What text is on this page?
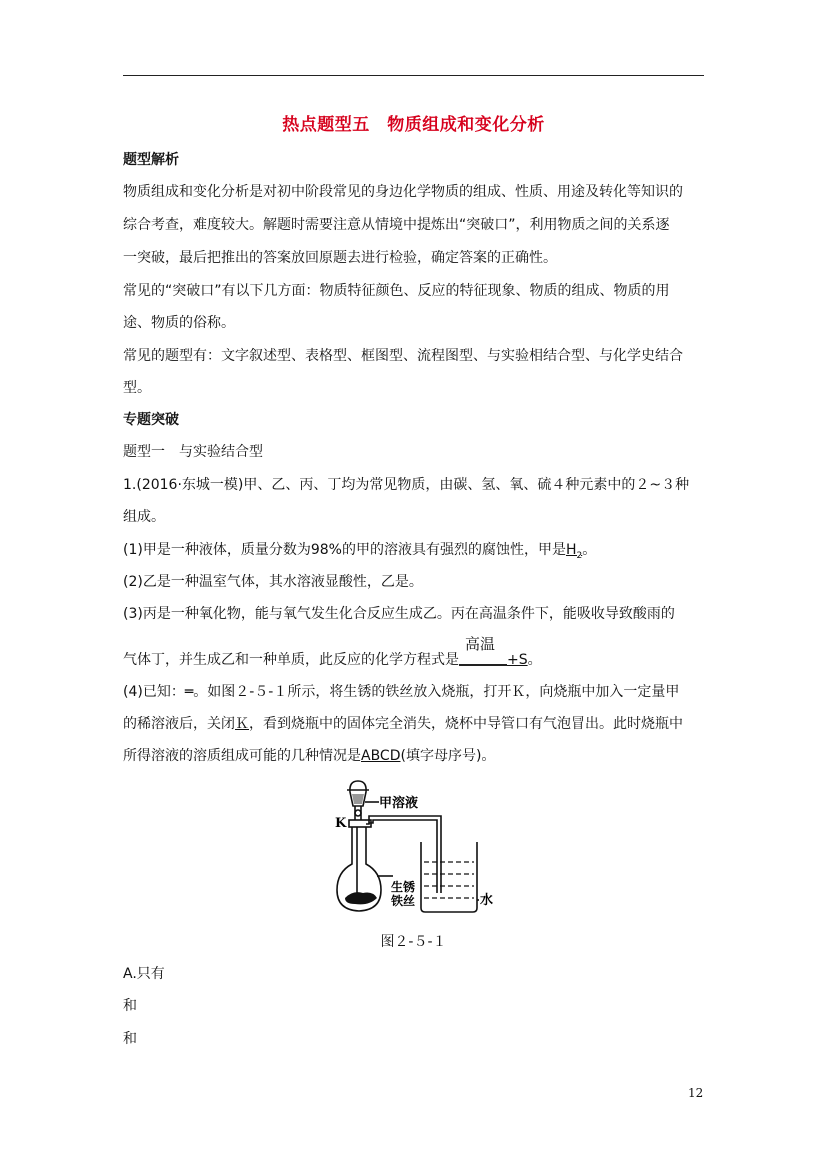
热点题型五　物质组成和变化分析
题型解析
物质组成和变化分析是对初中阶段常见的身边化学物质的组成、性质、用途及转化等知识的
综合考查，难度较大。解题时需要注意从情境中提炼出“突破口”，利用物质之间的关系逐
一突破，最后把推出的答案放回原题去进行检验，确定答案的正确性。
常见的“突破口”有以下几方面：物质特征颜色、反应的特征现象、物质的组成、物质的用
途、物质的俗称。
常见的题型有：文字叙述型、表格型、框图型、流程图型、与实验相结合型、与化学史结合
型。
专题突破
题型一　与实验结合型
1.(2016·东城一模)甲、乙、丙、丁均为常见物质，由碳、氢、氧、硫４种元素中的２~３种
组成。
(1)甲是一种液体，质量分数为98%的甲的溶液具有强烈的腐蚀性，甲是$H_2$。
(2)乙是一种温室气体，其水溶液显酸性，乙是。
(3)丙是一种氧化物，能与氧气发生化合反应生成乙。丙在高温条件下，能吸收导致酸雨的
气体丁，并生成乙和一种单质，此反应的化学方程式是
高温
+S。
(4)已知：═。如图２-５-１所示，将生锈的铁丝放入烧瓶，打开Ｋ，向烧瓶中加入一定量甲
的稀溶液后，关闭Ｋ，看到烧瓶中的固体完全消失，烧杯中导管口有气泡冒出。此时烧瓶中
所得溶液的溶质组成可能的几种情况是ABCD(填字母序号)。
甲溶液
K
生锈
铁丝	水
图２-５-１
A.只有
和
和
12
